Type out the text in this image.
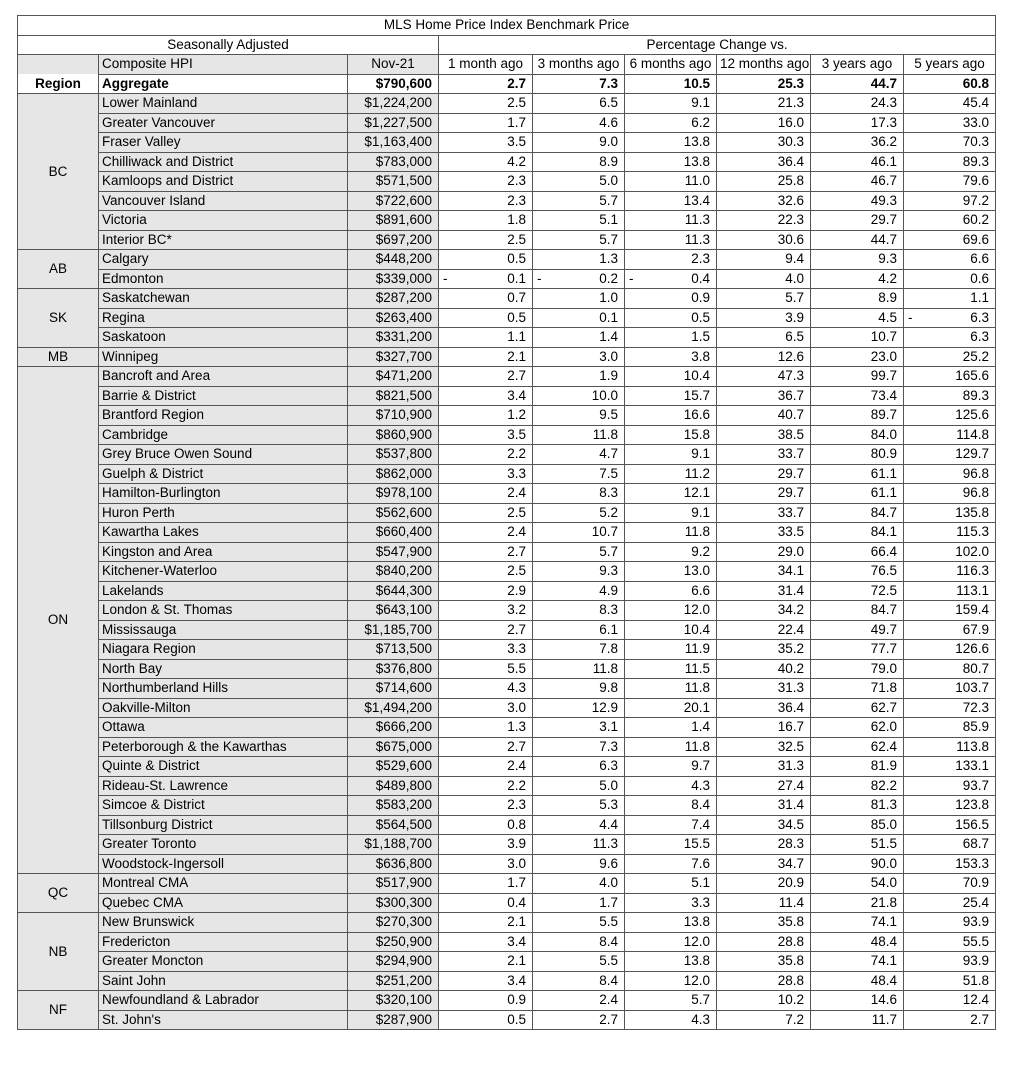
MLS Home Price Index Benchmark Price								
Seasonally Adjusted			Percentage Change vs.					
	Composite HPI	Nov-21	1 month ago	3 months ago	6 months ago	12 months ago	3 years ago	5 years ago
Region	Aggregate	$790,600	2.7	7.3	10.5	25.3	44.7	60.8
BC	Lower Mainland	$1,224,200	2.5	6.5	9.1	21.3	24.3	45.4
	Greater Vancouver	$1,227,500	1.7	4.6	6.2	16.0	17.3	33.0
	Fraser Valley	$1,163,400	3.5	9.0	13.8	30.3	36.2	70.3
	Chilliwack and District	$783,000	4.2	8.9	13.8	36.4	46.1	89.3
	Kamloops and District	$571,500	2.3	5.0	11.0	25.8	46.7	79.6
	Vancouver Island	$722,600	2.3	5.7	13.4	32.6	49.3	97.2
	Victoria	$891,600	1.8	5.1	11.3	22.3	29.7	60.2
	Interior BC*	$697,200	2.5	5.7	11.3	30.6	44.7	69.6
AB	Calgary	$448,200	0.5	1.3	2.3	9.4	9.3	6.6
	Edmonton	$339,000	- 0.1	- 0.2	- 0.4	4.0	4.2	0.6
SK	Saskatchewan	$287,200	0.7	1.0	0.9	5.7	8.9	1.1
	Regina	$263,400	0.5	0.1	0.5	3.9	4.5	- 6.3
	Saskatoon	$331,200	1.1	1.4	1.5	6.5	10.7	6.3
MB	Winnipeg	$327,700	2.1	3.0	3.8	12.6	23.0	25.2
ON	Bancroft and Area	$471,200	2.7	1.9	10.4	47.3	99.7	165.6
	Barrie & District	$821,500	3.4	10.0	15.7	36.7	73.4	89.3
	Brantford Region	$710,900	1.2	9.5	16.6	40.7	89.7	125.6
	Cambridge	$860,900	3.5	11.8	15.8	38.5	84.0	114.8
	Grey Bruce Owen Sound	$537,800	2.2	4.7	9.1	33.7	80.9	129.7
	Guelph & District	$862,000	3.3	7.5	11.2	29.7	61.1	96.8
	Hamilton-Burlington	$978,100	2.4	8.3	12.1	29.7	61.1	96.8
	Huron Perth	$562,600	2.5	5.2	9.1	33.7	84.7	135.8
	Kawartha Lakes	$660,400	2.4	10.7	11.8	33.5	84.1	115.3
	Kingston and Area	$547,900	2.7	5.7	9.2	29.0	66.4	102.0
	Kitchener-Waterloo	$840,200	2.5	9.3	13.0	34.1	76.5	116.3
	Lakelands	$644,300	2.9	4.9	6.6	31.4	72.5	113.1
	London & St. Thomas	$643,100	3.2	8.3	12.0	34.2	84.7	159.4
	Mississauga	$1,185,700	2.7	6.1	10.4	22.4	49.7	67.9
	Niagara Region	$713,500	3.3	7.8	11.9	35.2	77.7	126.6
	North Bay	$376,800	5.5	11.8	11.5	40.2	79.0	80.7
	Northumberland Hills	$714,600	4.3	9.8	11.8	31.3	71.8	103.7
	Oakville-Milton	$1,494,200	3.0	12.9	20.1	36.4	62.7	72.3
	Ottawa	$666,200	1.3	3.1	1.4	16.7	62.0	85.9
	Peterborough & the Kawarthas	$675,000	2.7	7.3	11.8	32.5	62.4	113.8
	Quinte & District	$529,600	2.4	6.3	9.7	31.3	81.9	133.1
	Rideau-St. Lawrence	$489,800	2.2	5.0	4.3	27.4	82.2	93.7
	Simcoe & District	$583,200	2.3	5.3	8.4	31.4	81.3	123.8
	Tillsonburg District	$564,500	0.8	4.4	7.4	34.5	85.0	156.5
	Greater Toronto	$1,188,700	3.9	11.3	15.5	28.3	51.5	68.7
	Woodstock-Ingersoll	$636,800	3.0	9.6	7.6	34.7	90.0	153.3
QC	Montreal CMA	$517,900	1.7	4.0	5.1	20.9	54.0	70.9
	Quebec CMA	$300,300	0.4	1.7	3.3	11.4	21.8	25.4
NB	New Brunswick	$270,300	2.1	5.5	13.8	35.8	74.1	93.9
	Fredericton	$250,900	3.4	8.4	12.0	28.8	48.4	55.5
	Greater Moncton	$294,900	2.1	5.5	13.8	35.8	74.1	93.9
	Saint John	$251,200	3.4	8.4	12.0	28.8	48.4	51.8
NF	Newfoundland & Labrador	$320,100	0.9	2.4	5.7	10.2	14.6	12.4
	St. John's	$287,900	0.5	2.7	4.3	7.2	11.7	2.7
